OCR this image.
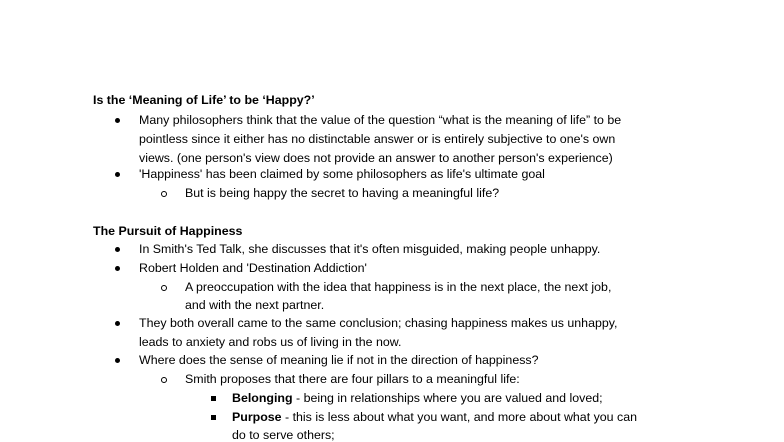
Is the ‘Meaning of Life’ to be ‘Happy?’
Many philosophers think that the value of the question “what is the meaning of life” to be
pointless since it either has no distinctable answer or is entirely subjective to one's own
views. (one person's view does not provide an answer to another person's experience)
'Happiness' has been claimed by some philosophers as life's ultimate goal
But is being happy the secret to having a meaningful life?
The Pursuit of Happiness
In Smith's Ted Talk, she discusses that it's often misguided, making people unhappy.
Robert Holden and 'Destination Addiction'
A preoccupation with the idea that happiness is in the next place, the next job,
and with the next partner.
They both overall came to the same conclusion; chasing happiness makes us unhappy,
leads to anxiety and robs us of living in the now.
Where does the sense of meaning lie if not in the direction of happiness?
Smith proposes that there are four pillars to a meaningful life:
Belonging - being in relationships where you are valued and loved;
Purpose - this is less about what you want, and more about what you can
do to serve others;
